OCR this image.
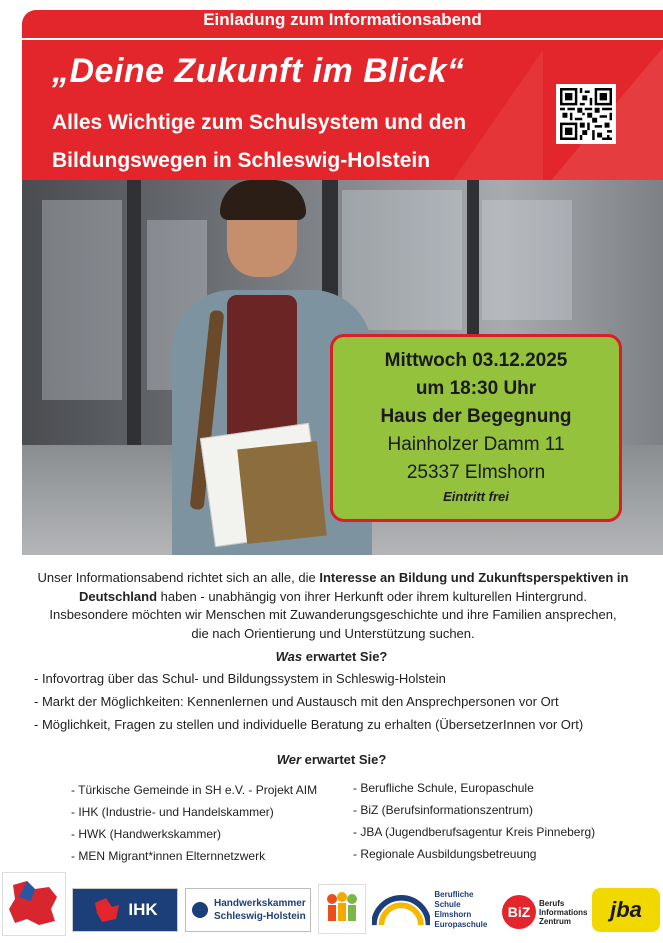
Einladung zum Informationsabend
„Deine Zukunft im Blick“
Alles Wichtige zum Schulsystem und den
Bildungswegen in Schleswig-Holstein
Mittwoch 03.12.2025
um 18:30 Uhr
Haus der Begegnung
Hainholzer Damm 11
25337 Elmshorn
Eintritt frei
Unser Informationsabend richtet sich an alle, die Interesse an Bildung und Zukunftsperspektiven in Deutschland haben - unabhängig von ihrer Herkunft oder ihrem kulturellen Hintergrund.
Insbesondere möchten wir Menschen mit Zuwanderungsgeschichte und ihre Familien ansprechen,
die nach Orientierung und Unterstützung suchen.
Was erwartet Sie?
- Infovortrag über das Schul- und Bildungssystem in Schleswig-Holstein
- Markt der Möglichkeiten: Kennenlernen und Austausch mit den Ansprechpersonen vor Ort
- Möglichkeit, Fragen zu stellen und individuelle Beratung zu erhalten (ÜbersetzerInnen vor Ort)
Wer erwartet Sie?
- Türkische Gemeinde in SH e.V. - Projekt AIM
- IHK (Industrie- und Handelskammer)
- HWK (Handwerkskammer)
- MEN Migrant*innen Elternnetzwerk
- Berufliche Schule, Europaschule
- BiZ (Berufsinformationszentrum)
- JBA (Jugendberufsagentur Kreis Pinneberg)
- Regionale Ausbildungsbetreuung
IHK	Handwerkskammer
Schleswig-Holstein
Berufliche Schule
Elmshorn
Europaschule
BiZ
Berufs
Informations
Zentrum	jba
